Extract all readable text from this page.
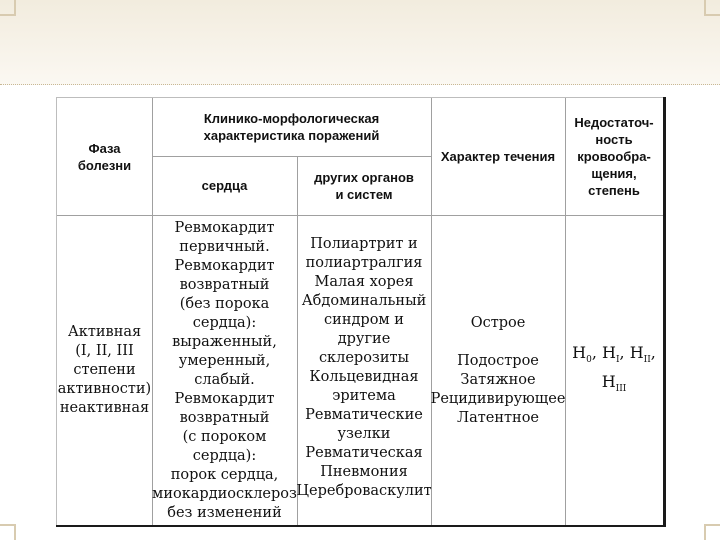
Фаза
болезни
Клинико-морфологическая
характеристика поражений
сердца
других органов
и систем
Характер течения
Недостаточ-
ность
кровообра-
щения,
степень
Активная
(I, II, III
степени
активности)
неактивная
Ревмокардит
первичный.
Ревмокардит
возвратный
(без порока
сердца):
выраженный,
умеренный,
слабый.
Ревмокардит
возвратный
(с пороком сердца):
порок сердца,
миокардиосклероз
без изменений
Полиартрит и
полиартралгия
Малая хорея
Абдоминальный
синдром и другие
склерозиты
Кольцевидная
эритема
Ревматические
узелки
Ревматическая
Пневмония
Цереброваскулит
Острое
Подострое
Затяжное
Рецидивирующее
Латентное
$Н_0$, $Н_I$, $Н_{II}$,
$Н_{III}$
